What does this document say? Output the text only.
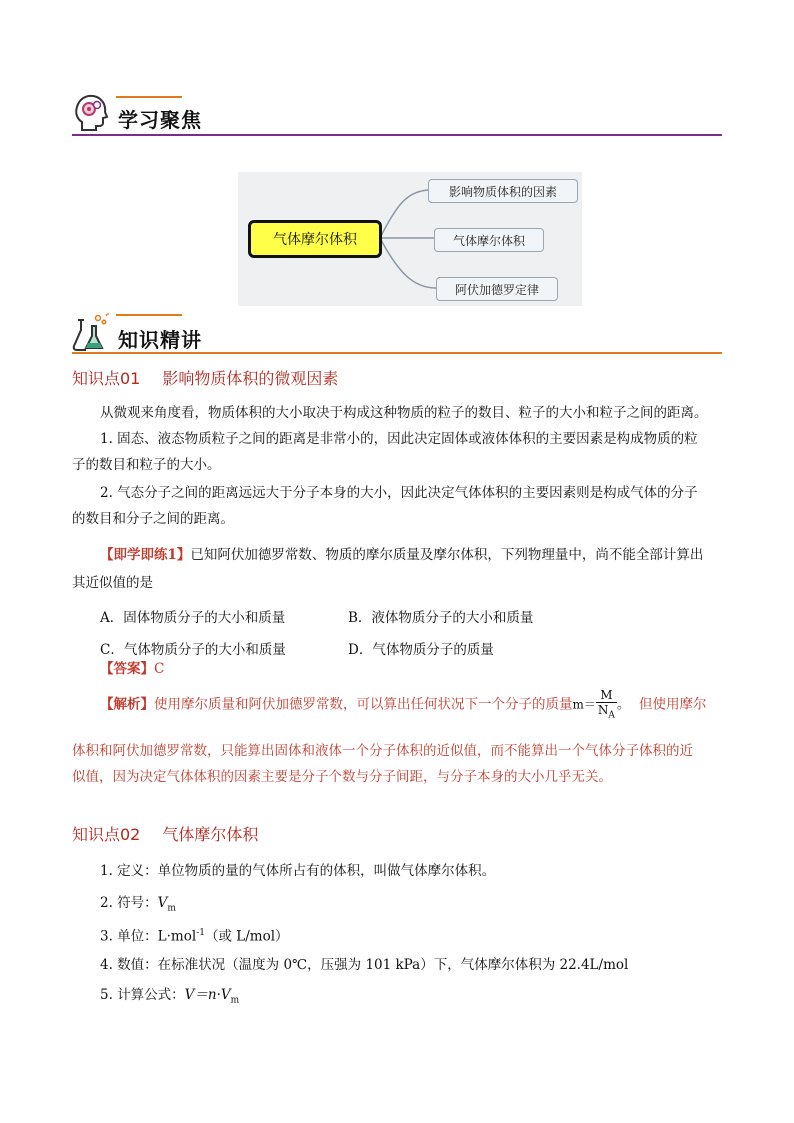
学习聚焦
气体摩尔体积
影响物质体积的因素
气体摩尔体积
阿伏加德罗定律
知识精讲
知识点01 影响物质体积的微观因素
从微观来角度看，物质体积的大小取决于构成这种物质的粒子的数目、粒子的大小和粒子之间的距离。
1. 固态、液态物质粒子之间的距离是非常小的，因此决定固体或液体体积的主要因素是构成物质的粒
子的数目和粒子的大小。
2. 气态分子之间的距离远远大于分子本身的大小，因此决定气体体积的主要因素则是构成气体的分子
的数目和分子之间的距离。
【即学即练1】已知阿伏加德罗常数、物质的摩尔质量及摩尔体积，下列物理量中，尚不能全部计算出
其近似值的是
A．固体物质分子的大小和质量	B．液体物质分子的大小和质量
C．气体物质分子的大小和质量	D．气体物质分子的质量
【答案】C
【解析】使用摩尔质量和阿伏加德罗常数，可以算出任何状况下一个分子的质量$m= \frac{M}{N_A}$ 。 但使用摩尔
体积和阿伏加德罗常数，只能算出固体和液体一个分子体积的近似值，而不能算出一个气体分子体积的近
似值，因为决定气体体积的因素主要是分子个数与分子间距，与分子本身的大小几乎无关。
知识点02 气体摩尔体积
1. 定义：单位物质的量的气体所占有的体积，叫做气体摩尔体积。
2. 符号：$V_m$
3. 单位：L·mol$^{-1}$（或 L/mol）
4. 数值：在标准状况（温度为 0℃，压强为 101 kPa）下，气体摩尔体积为 22.4L/mol
5. 计算公式：$V=n\cdot V_m$
